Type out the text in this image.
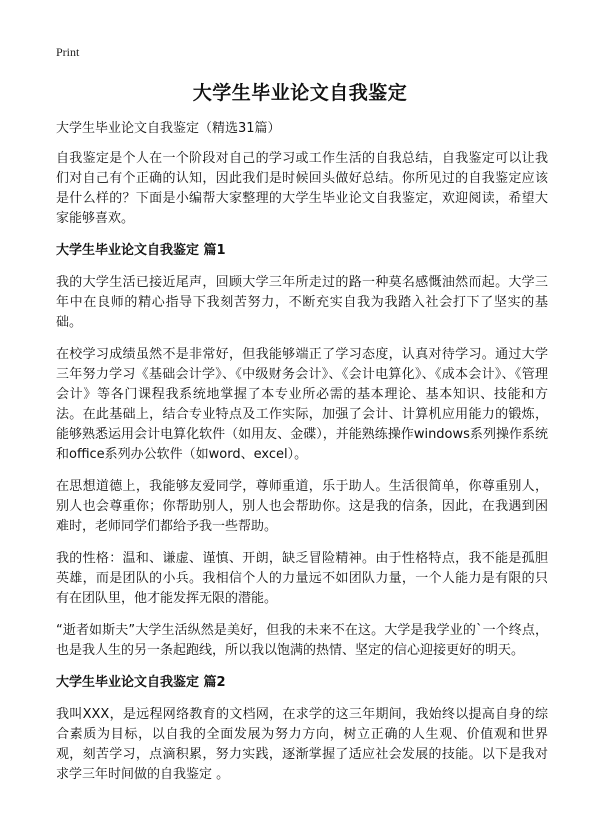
Print
大学生毕业论文自我鉴定

大学生毕业论文自我鉴定（精选31篇）

自我鉴定是个人在一个阶段对自己的学习或工作生活的自我总结，自我鉴定可以让我们对自己有个正确的认知，因此我们是时候回头做好总结。你所见过的自我鉴定应该是什么样的？下面是小编帮大家整理的大学生毕业论文自我鉴定，欢迎阅读，希望大家能够喜欢。

大学生毕业论文自我鉴定 篇1

我的大学生活已接近尾声，回顾大学三年所走过的路一种莫名感慨油然而起。大学三年中在良师的精心指导下我刻苦努力，不断充实自我为我踏入社会打下了坚实的基础。

在校学习成绩虽然不是非常好，但我能够端正了学习态度，认真对待学习。通过大学三年努力学习《基础会计学》、《中级财务会计》、《会计电算化》、《成本会计》、《管理会计》等各门课程我系统地掌握了本专业所必需的基本理论、基本知识、技能和方法。在此基础上，结合专业特点及工作实际，加强了会计、计算机应用能力的锻炼，能够熟悉运用会计电算化软件（如用友、金碟），并能熟练操作windows系列操作系统和office系列办公软件（如word、excel）。

在思想道德上，我能够友爱同学，尊师重道，乐于助人。生活很简单，你尊重别人，别人也会尊重你；你帮助别人，别人也会帮助你。这是我的信条，因此，在我遇到困难时，老师同学们都给予我一些帮助。

我的性格：温和、谦虚、谨慎、开朗，缺乏冒险精神。由于性格特点，我不能是孤胆英雄，而是团队的小兵。我相信个人的力量远不如团队力量，一个人能力是有限的只有在团队里，他才能发挥无限的潜能。

“逝者如斯夫”大学生活纵然是美好，但我的未来不在这。大学是我学业的`一个终点，也是我人生的另一条起跑线，所以我以饱满的热情、坚定的信心迎接更好的明天。

大学生毕业论文自我鉴定 篇2

我叫XXX，是远程网络教育的文档网，在求学的这三年期间，我始终以提高自身的综合素质为目标，以自我的全面发展为努力方向，树立正确的人生观、价值观和世界观，刻苦学习，点滴积累，努力实践，逐渐掌握了适应社会发展的技能。以下是我对求学三年时间做的自我鉴定 。
